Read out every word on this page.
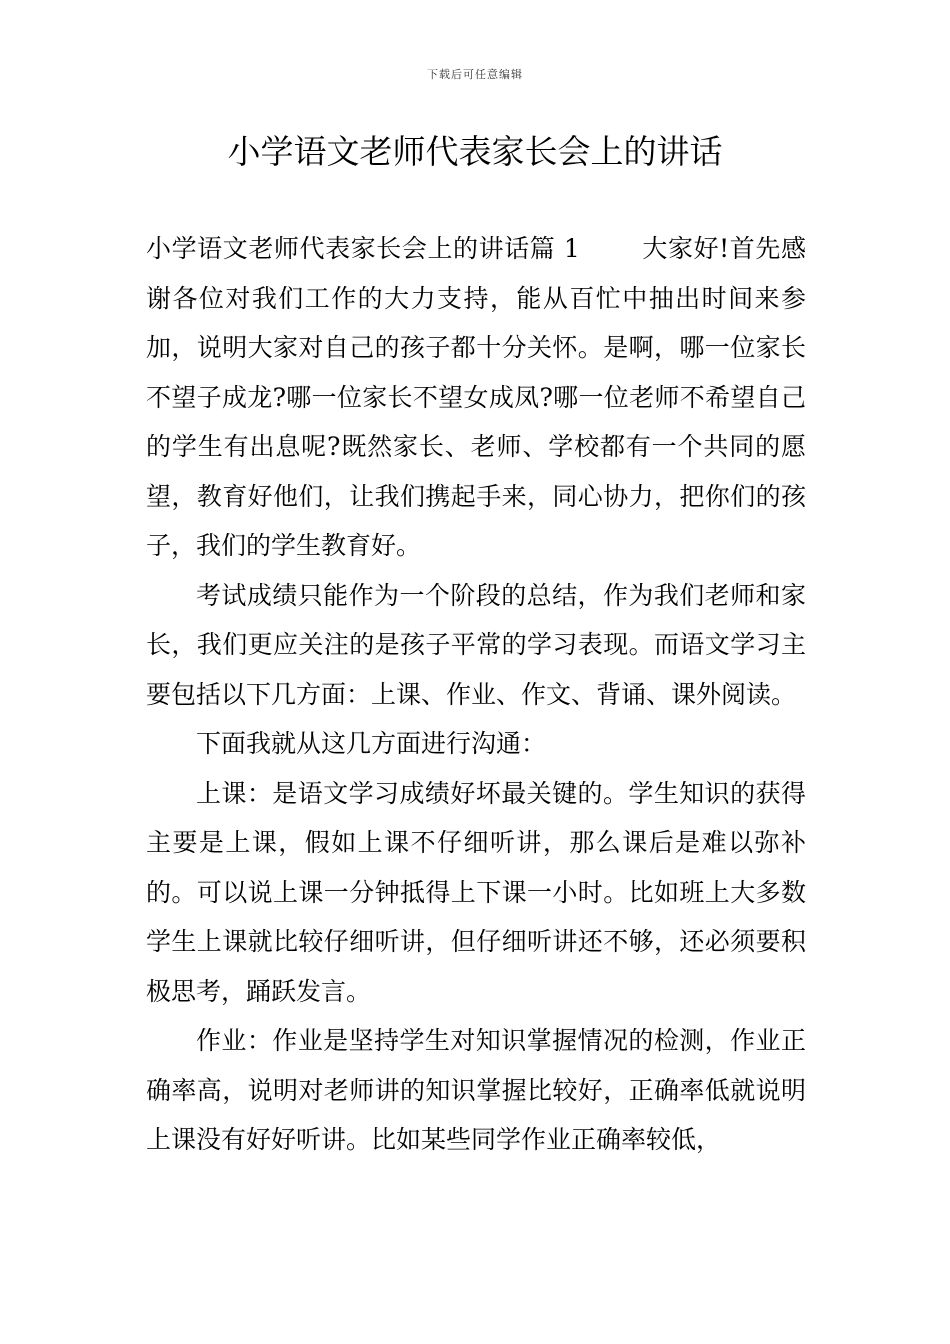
下载后可任意编辑
小学语文老师代表家长会上的讲话

小学语文老师代表家长会上的讲话篇 1 大家好!首先感谢各位对我们工作的大力支持，能从百忙中抽出时间来参加，说明大家对自己的孩子都十分关怀。是啊，哪一位家长不望子成龙?哪一位家长不望女成凤?哪一位老师不希望自己的学生有出息呢?既然家长、老师、学校都有一个共同的愿望，教育好他们，让我们携起手来，同心协力，把你们的孩子，我们的学生教育好。

考试成绩只能作为一个阶段的总结，作为我们老师和家长，我们更应关注的是孩子平常的学习表现。而语文学习主要包括以下几方面：上课、作业、作文、背诵、课外阅读。

下面我就从这几方面进行沟通：

上课：是语文学习成绩好坏最关键的。学生知识的获得主要是上课，假如上课不仔细听讲，那么课后是难以弥补的。可以说上课一分钟抵得上下课一小时。比如班上大多数学生上课就比较仔细听讲，但仔细听讲还不够，还必须要积极思考，踊跃发言。

作业：作业是坚持学生对知识掌握情况的检测，作业正确率高，说明对老师讲的知识掌握比较好，正确率低就说明上课没有好好听讲。比如某些同学作业正确率较低，
